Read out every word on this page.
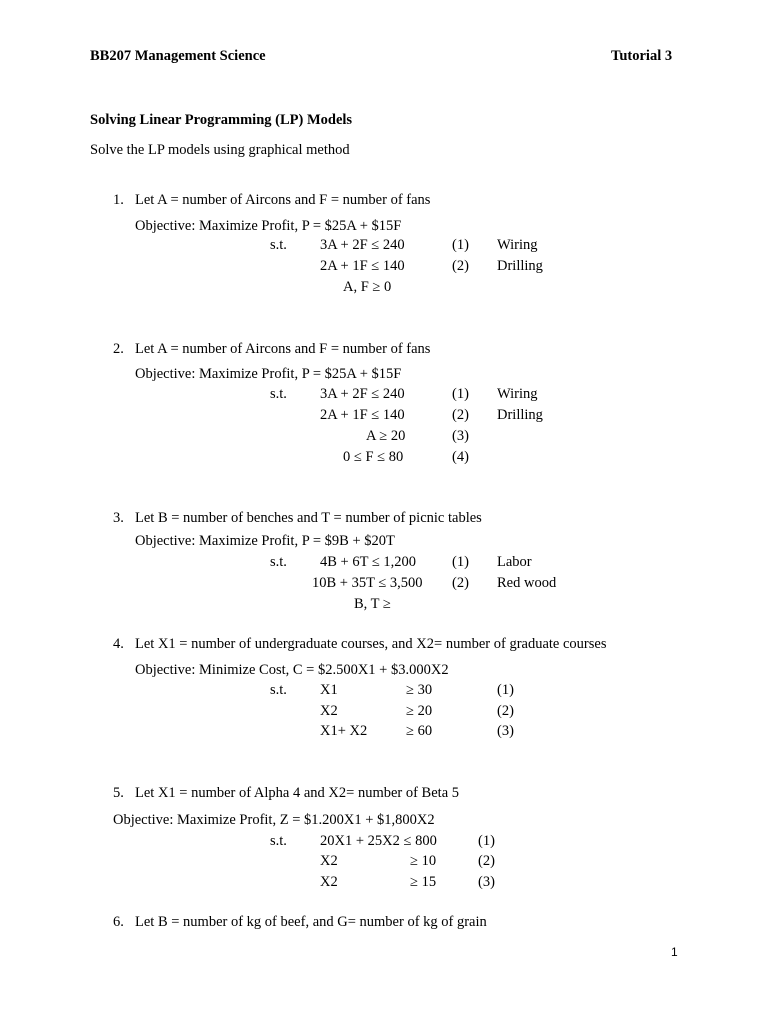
BB207 Management Science	Tutorial 3
Solving Linear Programming (LP) Models
Solve the LP models using graphical method
1. Let A = number of Aircons and F = number of fans
Objective: Maximize Profit, P = $25A + $15F
s.t. 3A + 2F ≤ 240	(1) Wiring
2A + 1F ≤ 140	(2) Drilling
A, F ≥ 0
2. Let A = number of Aircons and F = number of fans
Objective: Maximize Profit, P = $25A + $15F
s.t. 3A + 2F ≤ 240	(1) Wiring
2A + 1F ≤ 140	(2) Drilling
A ≥ 20	(3)
0 ≤ F ≤ 80	(4)
3. Let B = number of benches and T = number of picnic tables
Objective: Maximize Profit, P = $9B + $20T
s.t. 4B + 6T ≤ 1,200 (1) Labor
10B + 35T ≤ 3,500 (2) Red wood
B, T ≥
4. Let X1 = number of undergraduate courses, and X2= number of graduate courses
Objective: Minimize Cost, C = $2.500X1 + $3.000X2
s.t. X1	≥ 30	(1)
X2	≥ 20	(2)
X1+ X2	≥ 60	(3)
5. Let X1 = number of Alpha 4 and X2= number of Beta 5
Objective: Maximize Profit, Z = $1.200X1 + $1,800X2
s.t. 20X1 + 25X2 ≤ 800	(1)
X2	≥ 10	(2)
X2	≥ 15	(3)
6. Let B = number of kg of beef, and G= number of kg of grain
1
